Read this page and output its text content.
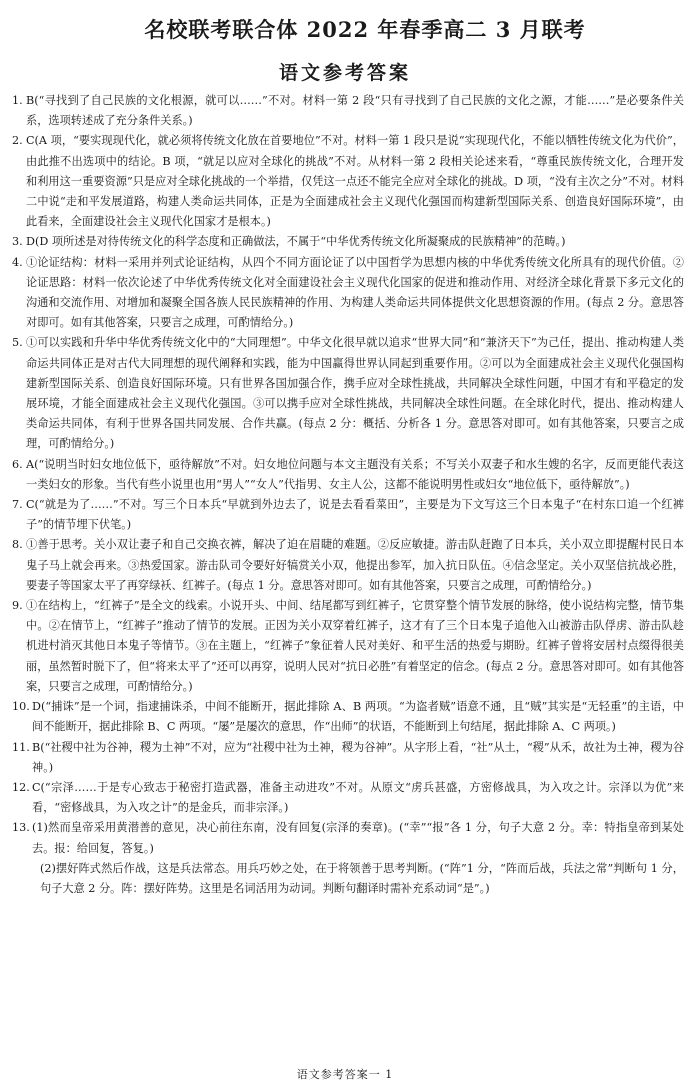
名校联考联合体 2022 年春季高二 3 月联考
语文参考答案
1. B(“寻找到了自己民族的文化根源，就可以……”不对。材料一第 2 段“只有寻找到了自己民族的文化之源，才能……”是必要条件关系，选项转述成了充分条件关系。)
2. C(A 项，“要实现现代化，就必须将传统文化放在首要地位”不对。材料一第 1 段只是说“实现现代化，不能以牺牲传统文化为代价”，由此推不出选项中的结论。B 项，“就足以应对全球化的挑战”不对。从材料一第 2 段相关论述来看，“尊重民族传统文化，合理开发和利用这一重要资源”只是应对全球化挑战的一个举措，仅凭这一点还不能完全应对全球化的挑战。D 项，“没有主次之分”不对。材料二中说“走和平发展道路，构建人类命运共同体，正是为全面建成社会主义现代化强国而构建新型国际关系、创造良好国际环境”，由此看来，全面建设社会主义现代化国家才是根本。)
3. D(D 项所述是对待传统文化的科学态度和正确做法，不属于“中华优秀传统文化所凝聚成的民族精神”的范畴。)
4. ①论证结构：材料一采用并列式论证结构，从四个不同方面论证了以中国哲学为思想内核的中华优秀传统文化所具有的现代价值。②论证思路：材料一依次论述了中华优秀传统文化对全面建设社会主义现代化国家的促进和推动作用、对经济全球化背景下多元文化的沟通和交流作用、对增加和凝聚全国各族人民民族精神的作用、为构建人类命运共同体提供文化思想资源的作用。(每点 2 分。意思答对即可。如有其他答案，只要言之成理，可酌情给分。)
5. ①可以实践和升华中华优秀传统文化中的“大同理想”。中华文化很早就以追求“世界大同”和“兼济天下”为己任，提出、推动构建人类命运共同体正是对古代大同理想的现代阐释和实践，能为中国赢得世界认同起到重要作用。②可以为全面建成社会主义现代化强国构建新型国际关系、创造良好国际环境。只有世界各国加强合作，携手应对全球性挑战，共同解决全球性问题，中国才有和平稳定的发展环境，才能全面建成社会主义现代化强国。③可以携手应对全球性挑战，共同解决全球性问题。在全球化时代，提出、推动构建人类命运共同体，有利于世界各国共同发展、合作共赢。(每点 2 分：概括、分析各 1 分。意思答对即可。如有其他答案，只要言之成理，可酌情给分。)
6. A(“说明当时妇女地位低下，亟待解放”不对。妇女地位问题与本文主题没有关系；不写关小双妻子和水生嫂的名字，反而更能代表这一类妇女的形象。当代有些小说里也用“男人”“女人”代指男、女主人公，这都不能说明男性或妇女“地位低下，亟待解放”。)
7. C(“就是为了……”不对。写三个日本兵“早就到外边去了，说是去看看菜田”，主要是为下文写这三个日本鬼子“在村东口追一个红裤子”的情节埋下伏笔。)
8. ①善于思考。关小双让妻子和自己交换衣裤，解决了迫在眉睫的难题。②反应敏捷。游击队赶跑了日本兵，关小双立即提醒村民日本鬼子马上就会再来。③热爱国家。游击队司令要好好犒赏关小双，他提出参军，加入抗日队伍。④信念坚定。关小双坚信抗战必胜，要妻子等国家太平了再穿绿袄、红裤子。(每点 1 分。意思答对即可。如有其他答案，只要言之成理，可酌情给分。)
9. ①在结构上，“红裤子”是全文的线索。小说开头、中间、结尾都写到红裤子，它贯穿整个情节发展的脉络，使小说结构完整，情节集中。②在情节上，“红裤子”推动了情节的发展。正因为关小双穿着红裤子，这才有了三个日本鬼子追他入山被游击队俘虏、游击队趁机进村消灭其他日本鬼子等情节。③在主题上，“红裤子”象征着人民对美好、和平生活的热爱与期盼。红裤子曾将安居村点缀得很美丽，虽然暂时脱下了，但“将来太平了”还可以再穿，说明人民对“抗日必胜”有着坚定的信念。(每点 2 分。意思答对即可。如有其他答案，只要言之成理，可酌情给分。)
10. D(“捕诛”是一个词，指逮捕诛杀，中间不能断开，据此排除 A、B 两项。“为盗者贼”语意不通，且“贼”其实是“无轻重”的主语，中间不能断开，据此排除 B、C 两项。“屡”是屡次的意思，作“出师”的状语，不能断到上句结尾，据此排除 A、C 两项。)
11. B(“社稷中社为谷神，稷为土神”不对，应为“社稷中社为土神，稷为谷神”。从字形上看，“社”从土，“稷”从禾，故社为土神，稷为谷神。)
12. C(“宗泽……于是专心致志于秘密打造武器，准备主动进攻”不对。从原文“虏兵甚盛，方密修战具，为入攻之计。宗泽以为优”来看，“密修战具，为入攻之计”的是金兵，而非宗泽。)
13. (1)然而皇帝采用黄潜善的意见，决心前往东南，没有回复(宗泽的奏章)。(“幸”“报”各 1 分，句子大意 2 分。幸：特指皇帝到某处去。报：给回复，答复。)
(2)摆好阵式然后作战，这是兵法常态。用兵巧妙之处，在于将领善于思考判断。(“阵”1 分，“阵而后战，兵法之常”判断句 1 分，句子大意 2 分。阵：摆好阵势。这里是名词活用为动词。判断句翻译时需补充系动词“是”。)
语文参考答案一 1
